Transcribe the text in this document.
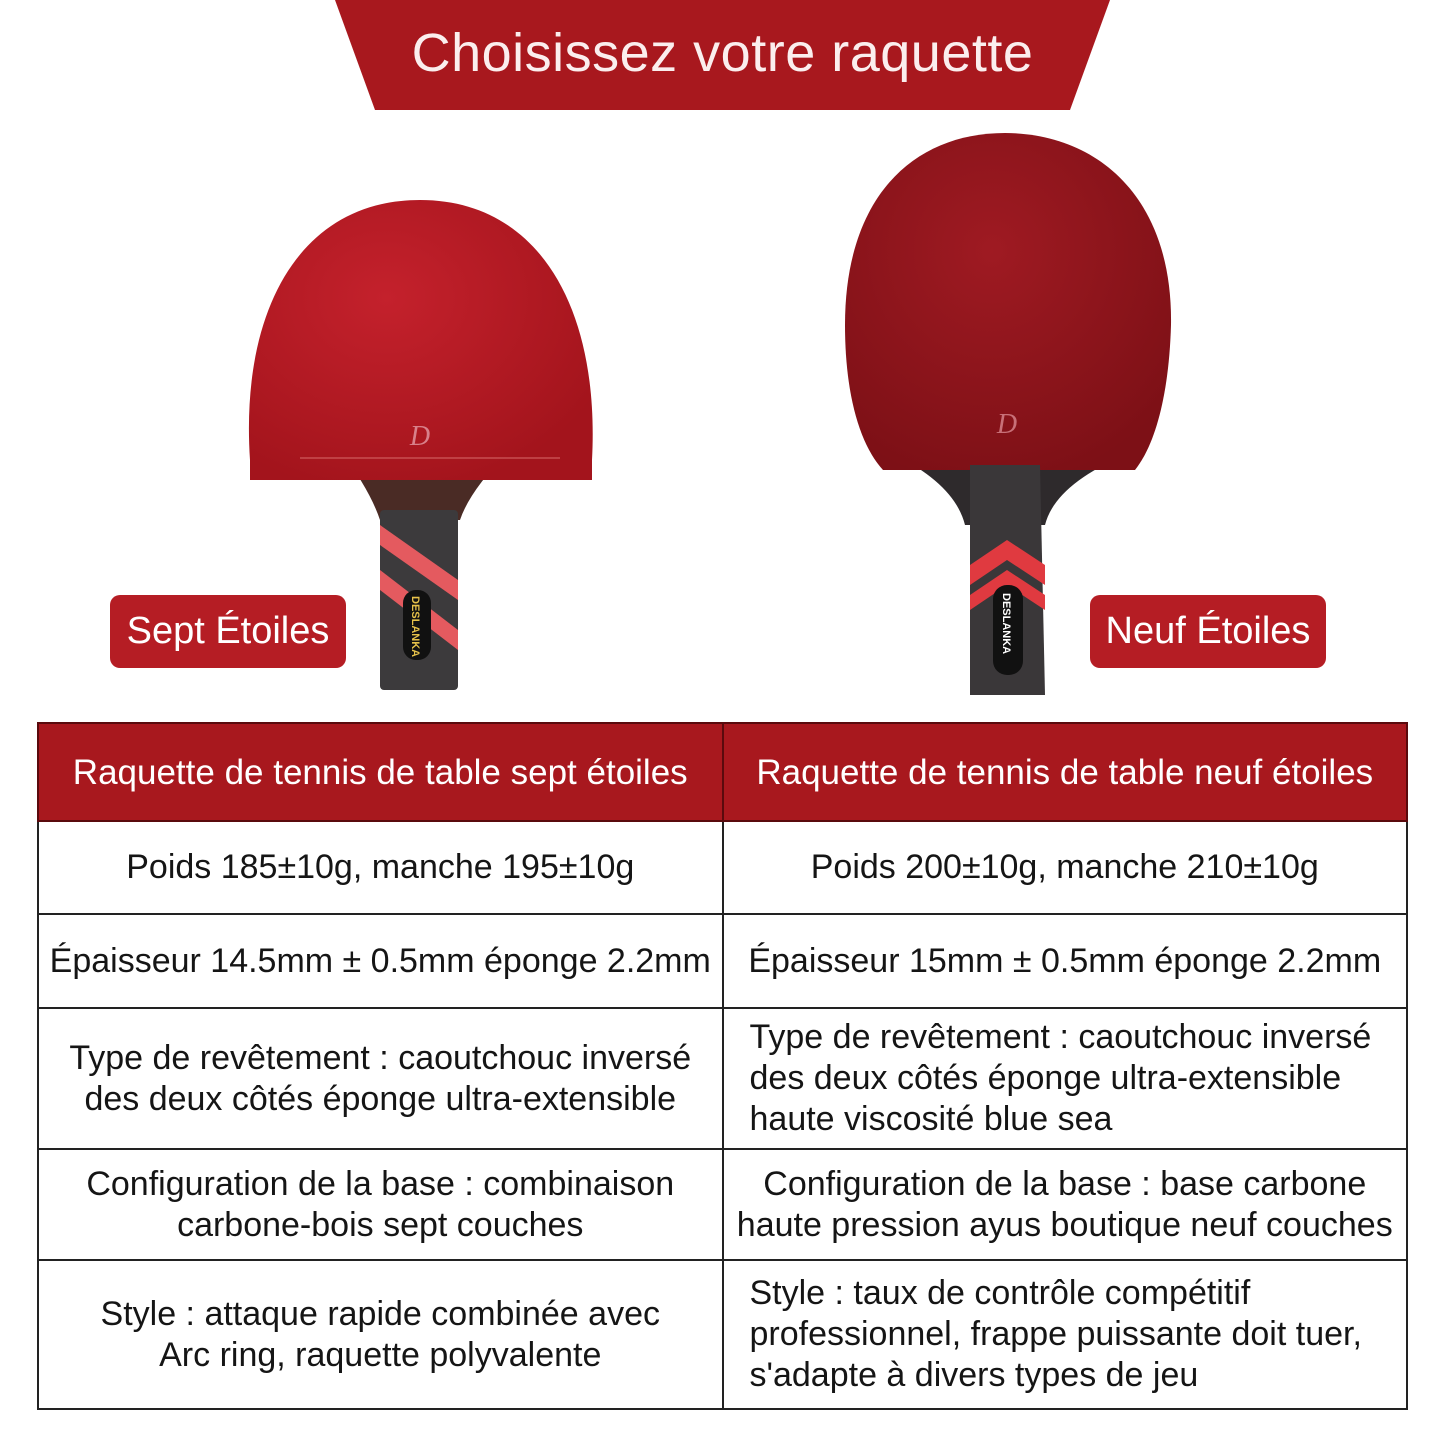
Choisissez votre raquette
D
DESLANKA
D
DESLANKA
Sept Étoiles	Neuf Étoiles
Raquette de tennis de table sept étoiles	Raquette de tennis de table neuf étoiles
Poids 185±10g, manche 195±10g	Poids 200±10g, manche 210±10g
Épaisseur 14.5mm ± 0.5mm éponge 2.2mm	Épaisseur 15mm ± 0.5mm éponge 2.2mm
Type de revêtement : caoutchouc inversé des deux côtés éponge ultra-extensible	Type de revêtement : caoutchouc inversé des deux côtés éponge ultra-extensible haute viscosité blue sea
Configuration de la base : combinaison carbone-bois sept couches	Configuration de la base : base carbone haute pression ayus boutique neuf couches
Style : attaque rapide combinée avec Arc ring, raquette polyvalente	Style : taux de contrôle compétitif professionnel, frappe puissante doit tuer, s'adapte à divers types de jeu
